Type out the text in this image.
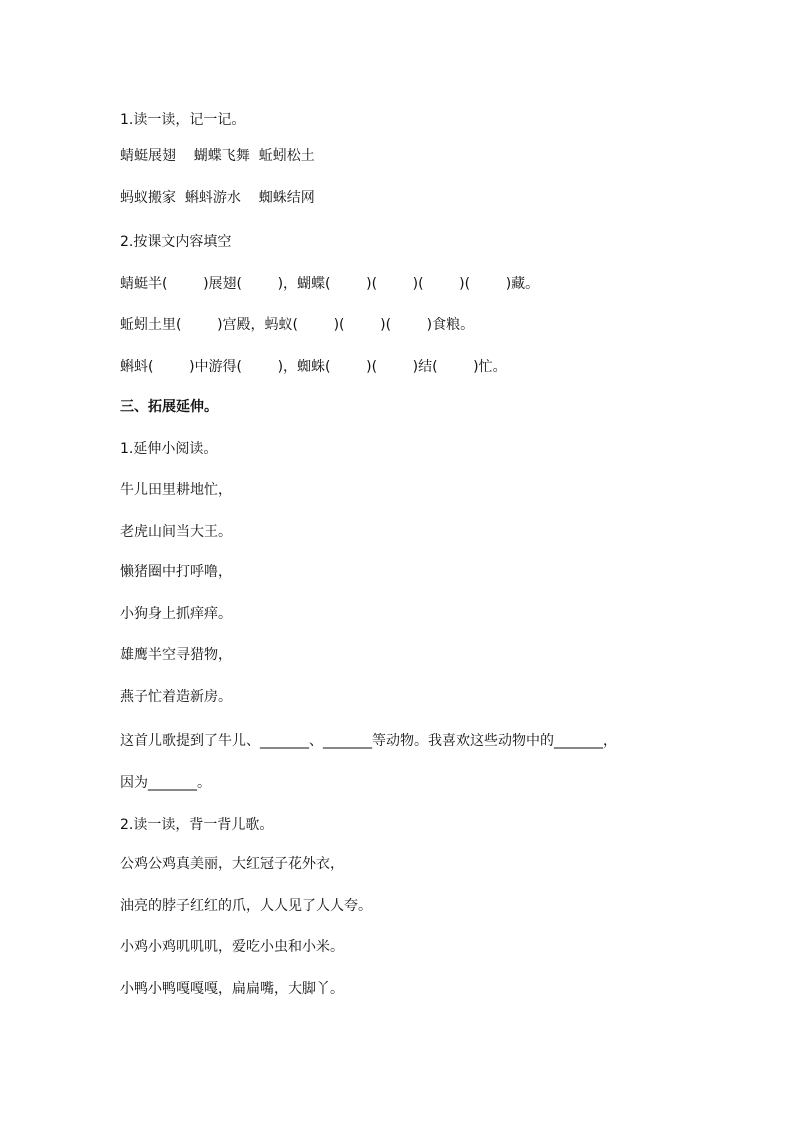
1.读一读，记一记。

蜻蜓展翅    蝴蝶飞舞  蚯蚓松土

蚂蚁搬家  蝌蚪游水    蜘蛛结网

2.按课文内容填空

蜻蜓半(        )展翅(        )，蝴蝶(        )(        )(        )(        )藏。

蚯蚓土里(        )宫殿，蚂蚁(        )(        )(        )食粮。

蝌蚪(        )中游得(        )，蜘蛛(        )(        )结(        )忙。

三、拓展延伸。

1.延伸小阅读。

牛儿田里耕地忙，

老虎山间当大王。

懒猪圈中打呼噜，

小狗身上抓痒痒。

雄鹰半空寻猎物，

燕子忙着造新房。

这首儿歌提到了牛儿、_______、_______等动物。我喜欢这些动物中的_______，

因为_______。

2.读一读，背一背儿歌。

公鸡公鸡真美丽，大红冠子花外衣，

油亮的脖子红红的爪，人人见了人人夸。

小鸡小鸡叽叽叽，爱吃小虫和小米。

小鸭小鸭嘎嘎嘎，扁扁嘴，大脚丫。
